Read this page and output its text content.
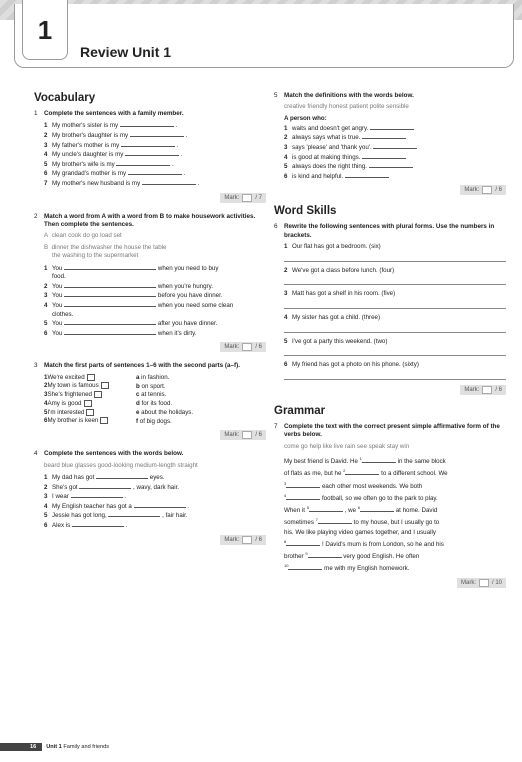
1
Review Unit 1
Vocabulary
1	Complete the sentences with a family member.
1 My mother's sister is my	.
2 My brother's daughter is my	.
3 My father's mother is my	.
4 My uncle's daughter is my	.
5 My brother's wife is my	.
6 My grandad's mother is my	.
7 My mother's new husband is my	.
Mark:	/ 7
2	Match a word from A with a word from B to make housework activities. Then complete the sentences.
A clean cook do go load set
B dinner the dishwasher the house the table
the washing to the supermarket
1 You	when you need to buy
food.
2 You	when you're hungry.
3 You	before you have dinner.
4 You	when you need some clean
clothes.
5 You	after you have dinner.
6 You	when it's dirty.
Mark:	/ 6
3	Match the first parts of sentences 1–6 with the second parts (a–f).
1We're excited	a in fashion.
2My town is famous	b on sport.
3She's frightened	c at tennis.
4Amy is good	d for its food.
5I'm interested	e about the holidays.
6My brother is keen	f of big dogs.
Mark:	/ 6
4	Complete the sentences with the words below.
beard blue glasses good-looking medium-length straight
1 My dad has got	eyes.
2 She's got	, wavy, dark hair.
3 I wear	.
4 My English teacher has got a	.
5 Jessie has got long,	, fair hair.
6 Alex is	.
Mark:	/ 6
5	Match the definitions with the words below.
creative friendly honest patient polite sensible
A person who:
1 waits and doesn't get angry.
2 always says what is true.
3 says 'please' and 'thank you'.
4 is good at making things.
5 always does the right thing.
6 is kind and helpful.
Mark:	/ 6
Word Skills
6	Rewrite the following sentences with plural forms. Use the numbers in brackets.
1 Our flat has got a bedroom. (six)
2 We've got a class before lunch. (four)
3 Matt has got a shelf in his room. (five)
4 My sister has got a child. (three)
5 I've got a party this weekend. (two)
6 My friend has got a photo on his phone. (sixty)
Mark:	/ 6
Grammar
7	Complete the text with the correct present simple affirmative form of the verbs below.
come go help like live rain see speak stay win
My best friend is David. He $^1$	in the same block
of flats as me, but he $^2$	to a different school. We
$^3$	each other most weekends. We both
$^4$	football, so we often go to the park to play.
When it $^5$	, we $^6$	at home. David
sometimes $^7$	to my house, but I usually go to
his. We like playing video games together, and I usually
$^8$	! David's mum is from London, so he and his
brother $^9$	very good English. He often
$^{10}$	me with my English homework.
Mark:	/ 10
16	Unit 1
Family and friends
